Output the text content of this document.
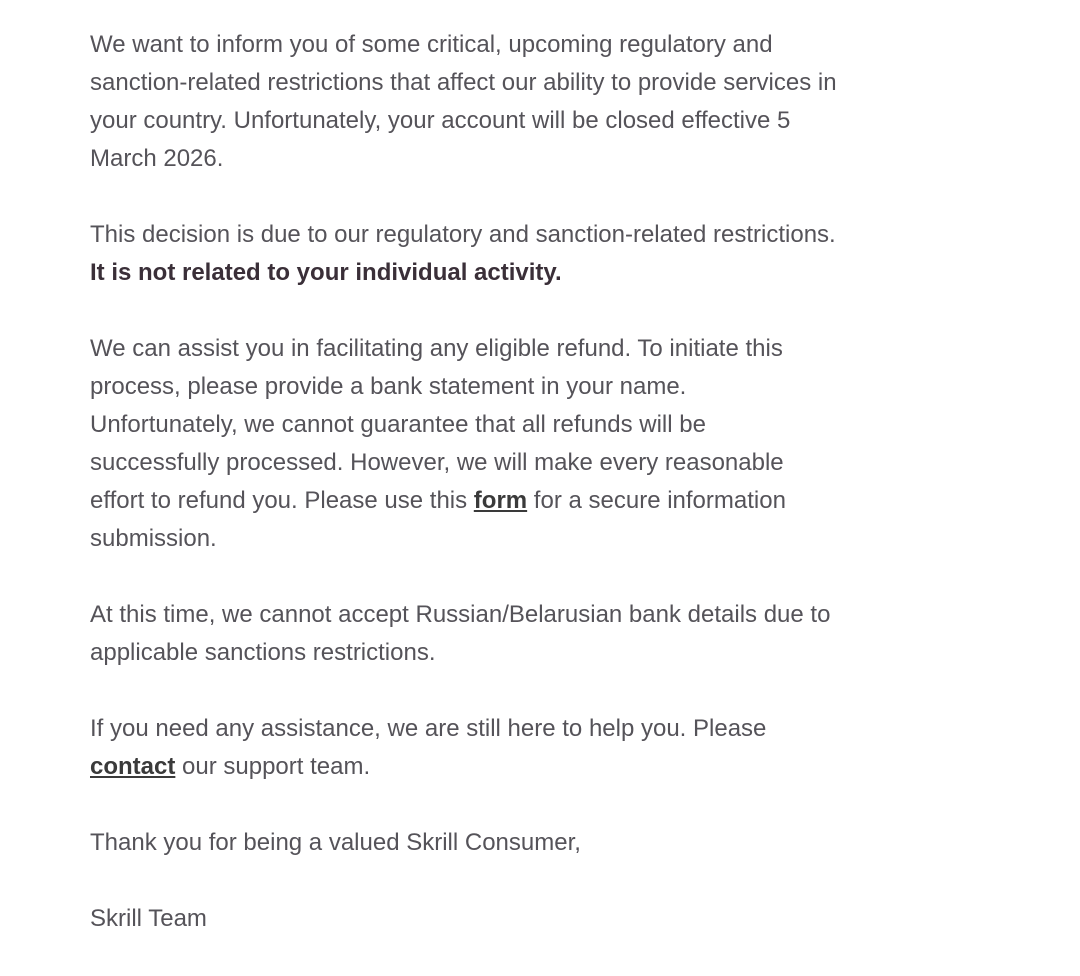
We want to inform you of some critical, upcoming regulatory and
sanction-related restrictions that affect our ability to provide services in
your country. Unfortunately, your account will be closed effective 5
March 2026.

This decision is due to our regulatory and sanction-related restrictions.
It is not related to your individual activity.

We can assist you in facilitating any eligible refund. To initiate this
process, please provide a bank statement in your name.
Unfortunately, we cannot guarantee that all refunds will be
successfully processed. However, we will make every reasonable
effort to refund you. Please use this form for a secure information
submission.

At this time, we cannot accept Russian/Belarusian bank details due to
applicable sanctions restrictions.

If you need any assistance, we are still here to help you. Please
contact our support team.

Thank you for being a valued Skrill Consumer,

Skrill Team
